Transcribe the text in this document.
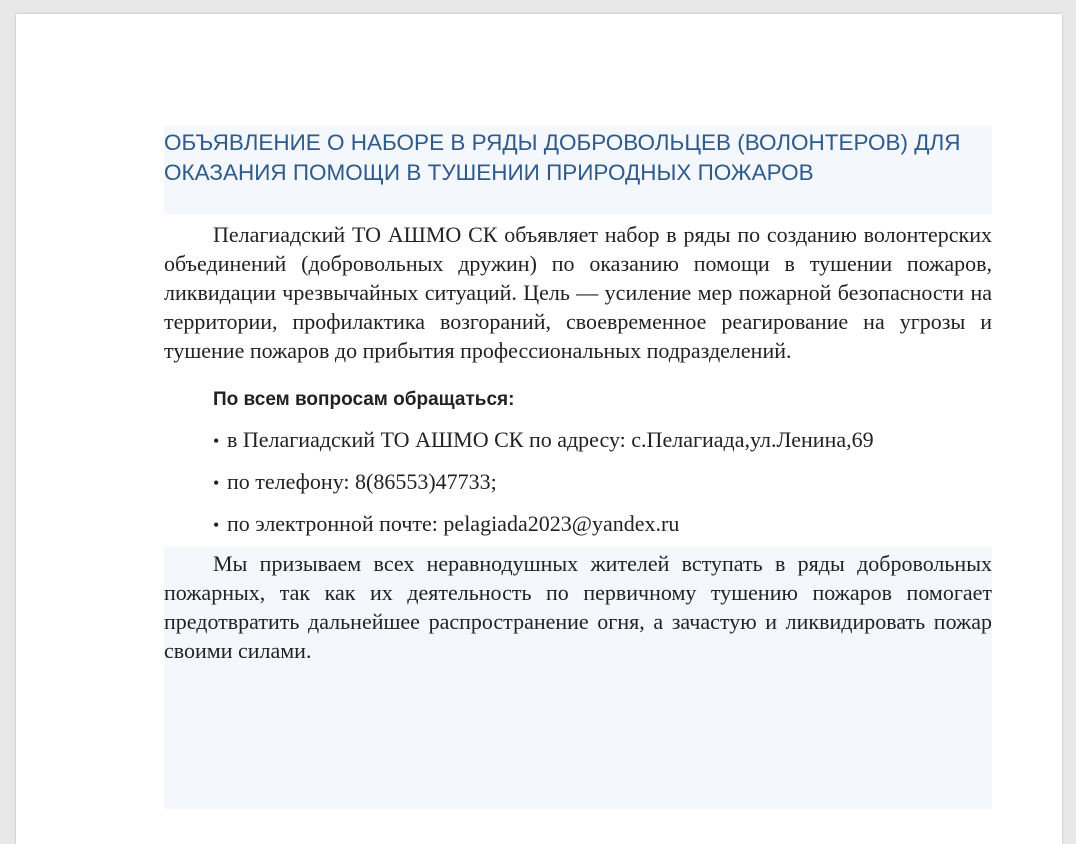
ОБЪЯВЛЕНИЕ О НАБОРЕ В РЯДЫ ДОБРОВОЛЬЦЕВ (ВОЛОНТЕРОВ) ДЛЯ ОКАЗАНИЯ ПОМОЩИ В ТУШЕНИИ ПРИРОДНЫХ ПОЖАРОВ

Пелагиадский ТО АШМО СК объявляет набор в ряды по созданию волонтерских объединений (добровольных дружин) по оказанию помощи в тушении пожаров, ликвидации чрезвычайных ситуаций. Цель — усиление мер пожарной безопасности на территории, профилактика возгораний, своевременное реагирование на угрозы и тушение пожаров до прибытия профессиональных подразделений.

По всем вопросам обращаться:
• в Пелагиадский ТО АШМО СК по адресу: с.Пелагиада,ул.Ленина,69
• по телефону: 8(86553)47733;
• по электронной почте: pelagiada2023@yandex.ru

Мы призываем всех неравнодушных жителей вступать в ряды добровольных пожарных, так как их деятельность по первичному тушению пожаров помогает предотвратить дальнейшее распространение огня, а зачастую и ликвидировать пожар своими силами.
